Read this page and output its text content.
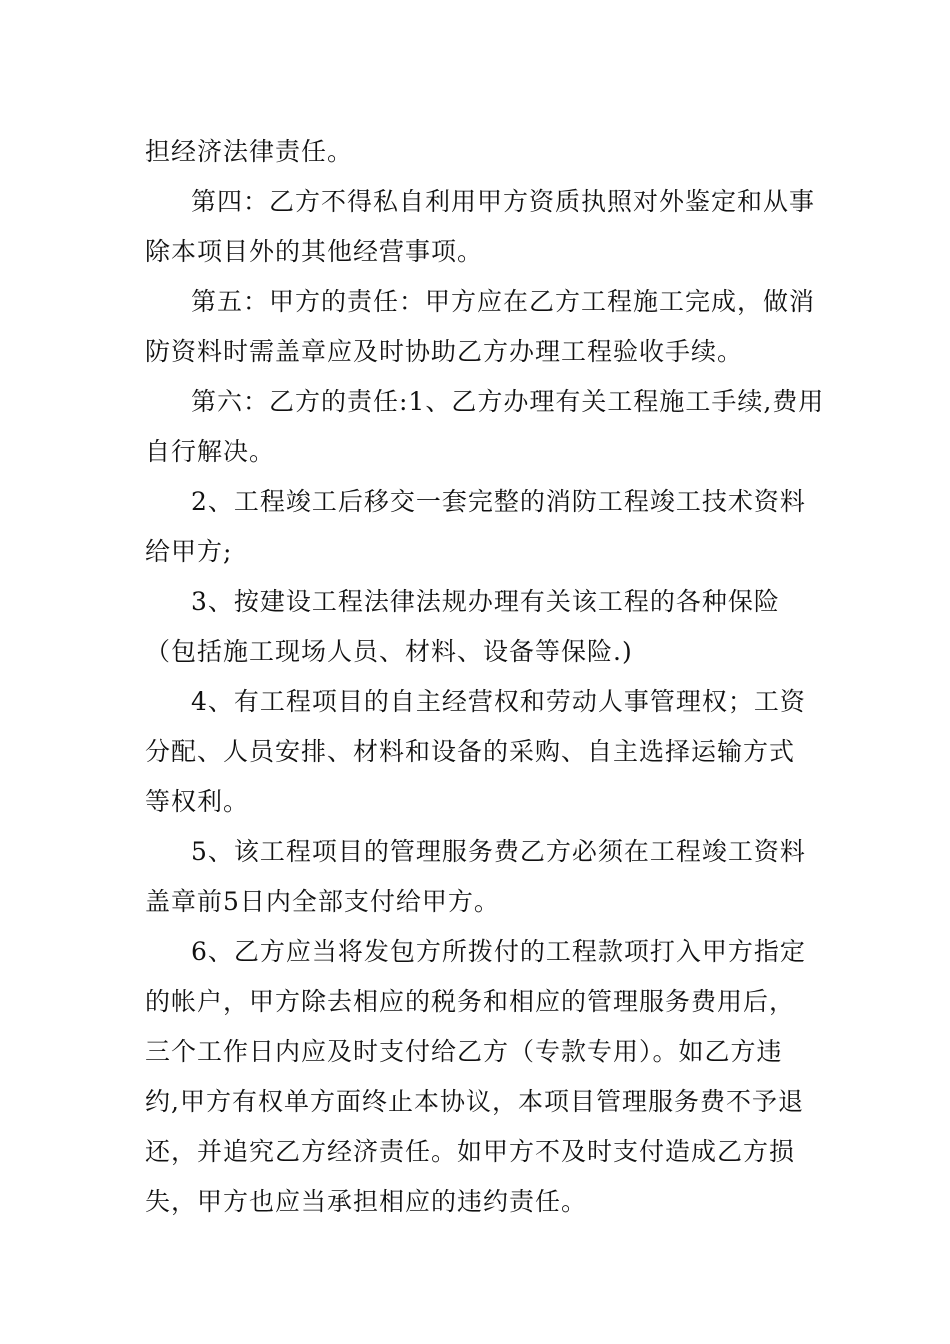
担经济法律责任。

第四：乙方不得私自利用甲方资质执照对外鉴定和从事
除本项目外的其他经营事项。

第五：甲方的责任：甲方应在乙方工程施工完成，做消
防资料时需盖章应及时协助乙方办理工程验收手续。

第六：乙方的责任:1、乙方办理有关工程施工手续,费用
自行解决。

2、工程竣工后移交一套完整的消防工程竣工技术资料
给甲方;

3、按建设工程法律法规办理有关该工程的各种保险
（包括施工现场人员、材料、设备等保险.)

4、有工程项目的自主经营权和劳动人事管理权；工资
分配、人员安排、材料和设备的采购、自主选择运输方式
等权利。

5、该工程项目的管理服务费乙方必须在工程竣工资料
盖章前5日内全部支付给甲方。

6、乙方应当将发包方所拨付的工程款项打入甲方指定
的帐户，甲方除去相应的税务和相应的管理服务费用后，
三个工作日内应及时支付给乙方（专款专用）。如乙方违
约,甲方有权单方面终止本协议，本项目管理服务费不予退
还，并追究乙方经济责任。如甲方不及时支付造成乙方损
失，甲方也应当承担相应的违约责任。
